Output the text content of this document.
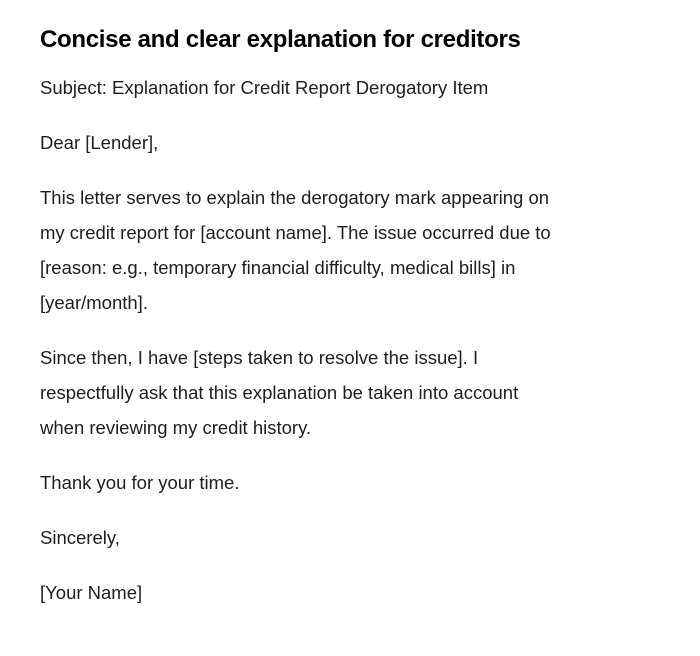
Concise and clear explanation for creditors

Subject: Explanation for Credit Report Derogatory Item

Dear [Lender],

This letter serves to explain the derogatory mark appearing on
my credit report for [account name]. The issue occurred due to
[reason: e.g., temporary financial difficulty, medical bills] in
[year/month].

Since then, I have [steps taken to resolve the issue]. I
respectfully ask that this explanation be taken into account
when reviewing my credit history.

Thank you for your time.

Sincerely,

[Your Name]
